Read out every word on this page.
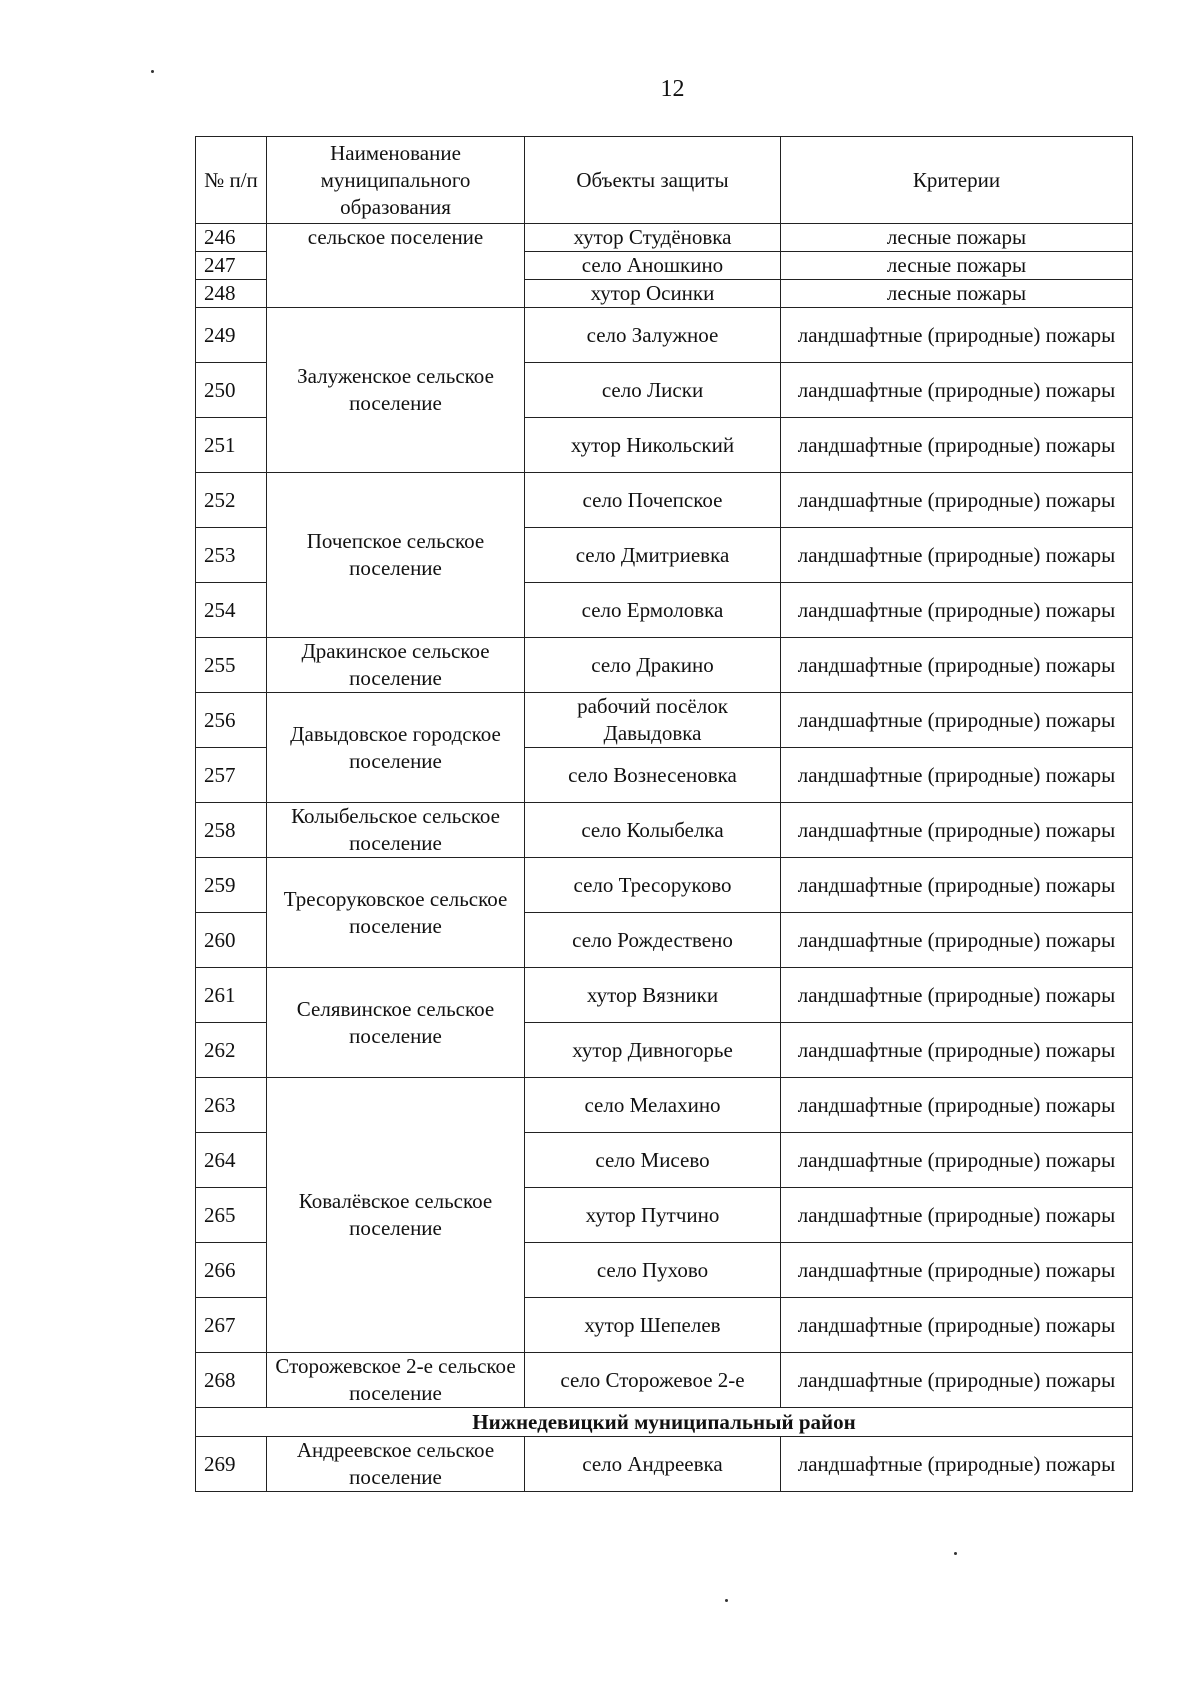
12
№ п/п	Наименование муниципального образования	Объекты защиты	Критерии
246	сельское поселение	хутор Студёновка	лесные пожары
247		село Аношкино	лесные пожары
248		хутор Осинки	лесные пожары
249	Залуженское сельское поселение	село Залужное	ландшафтные (природные) пожары
250		село Лиски	ландшафтные (природные) пожары
251		хутор Никольский	ландшафтные (природные) пожары
252	Почепское сельское поселение	село Почепское	ландшафтные (природные) пожары
253		село Дмитриевка	ландшафтные (природные) пожары
254		село Ермоловка	ландшафтные (природные) пожары
255	Дракинское сельское поселение	село Дракино	ландшафтные (природные) пожары
256	Давыдовское городское поселение	рабочий посёлок Давыдовка	ландшафтные (природные) пожары
257		село Вознесеновка	ландшафтные (природные) пожары
258	Колыбельское сельское поселение	село Колыбелка	ландшафтные (природные) пожары
259	Тресоруковское сельское поселение	село Тресоруково	ландшафтные (природные) пожары
260		село Рождествено	ландшафтные (природные) пожары
261	Селявинское сельское поселение	хутор Вязники	ландшафтные (природные) пожары
262		хутор Дивногорье	ландшафтные (природные) пожары
263	Ковалёвское сельское поселение	село Мелахино	ландшафтные (природные) пожары
264		село Мисево	ландшафтные (природные) пожары
265		хутор Путчино	ландшафтные (природные) пожары
266		село Пухово	ландшафтные (природные) пожары
267		хутор Шепелев	ландшафтные (природные) пожары
268	Сторожевское 2-е сельское поселение	село Сторожевое 2-е	ландшафтные (природные) пожары
Нижнедевицкий муниципальный район			
269	Андреевское сельское поселение	село Андреевка	ландшафтные (природные) пожары
